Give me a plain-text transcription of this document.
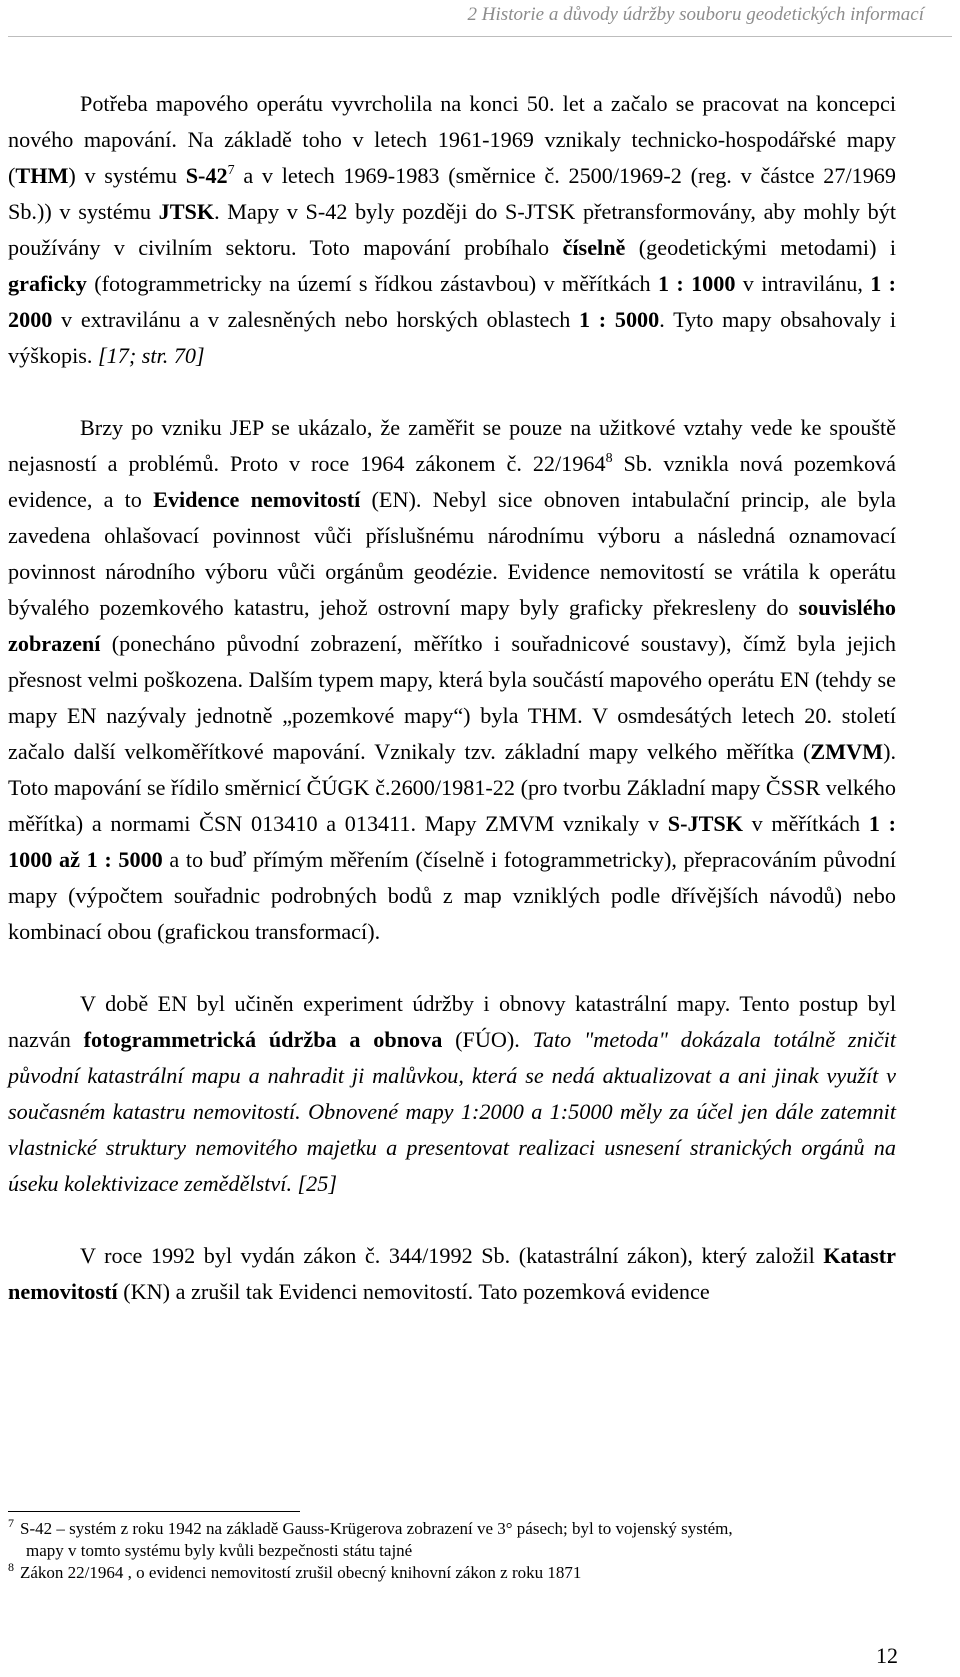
2 Historie a důvody údržby souboru geodetických informací

Potřeba mapového operátu vyvrcholila na konci 50. let a začalo se pracovat na koncepci nového mapování. Na základě toho v letech 1961-1969 vznikaly technicko-hospodářské mapy (THM) v systému $S-42^7$ a v letech 1969-1983 (směrnice č. 2500/1969-2 (reg. v částce 27/1969 Sb.)) v systému JTSK. Mapy v S-42 byly později do S-JTSK přetransformovány, aby mohly být používány v civilním sektoru. Toto mapování probíhalo číselně (geodetickými metodami) i graficky (fotogrammetricky na území s řídkou zástavbou) v měřítkách 1 : 1000 v intravilánu, 1 : 2000 v extravilánu a v zalesněných nebo horských oblastech 1 : 5000. Tyto mapy obsahovaly i výškopis. [17; str. 70]

Brzy po vzniku JEP se ukázalo, že zaměřit se pouze na užitkové vztahy vede ke spouště nejasností a problémů. Proto v roce 1964 zákonem č. 22/1964$^8$ Sb. vznikla nová pozemková evidence, a to Evidence nemovitostí (EN). Nebyl sice obnoven intabulační princip, ale byla zavedena ohlašovací povinnost vůči příslušnému národnímu výboru a následná oznamovací povinnost národního výboru vůči orgánům geodézie. Evidence nemovitostí se vrátila k operátu bývalého pozemkového katastru, jehož ostrovní mapy byly graficky překresleny do souvislého zobrazení (ponecháno původní zobrazení, měřítko i souřadnicové soustavy), čímž byla jejich přesnost velmi poškozena. Dalším typem mapy, která byla součástí mapového operátu EN (tehdy se mapy EN nazývaly jednotně „pozemkové mapy“) byla THM. V osmdesátých letech 20. století začalo další velkoměřítkové mapování. Vznikaly tzv. základní mapy velkého měřítka (ZMVM). Toto mapování se řídilo směrnicí ČÚGK č.2600/1981-22 (pro tvorbu Základní mapy ČSSR velkého měřítka) a normami ČSN 013410 a 013411. Mapy ZMVM vznikaly v S-JTSK v měřítkách 1 : 1000 až 1 : 5000 a to buď přímým měřením (číselně i fotogrammetricky), přepracováním původní mapy (výpočtem souřadnic podrobných bodů z map vzniklých podle dřívějších návodů) nebo kombinací obou (grafickou transformací).

V době EN byl učiněn experiment údržby i obnovy katastrální mapy. Tento postup byl nazván fotogrammetrická údržba a obnova (FÚO). Tato "metoda" dokázala totálně zničit původní katastrální mapu a nahradit ji malůvkou, která se nedá aktualizovat a ani jinak využít v současném katastru nemovitostí. Obnovené mapy 1:2000 a 1:5000 měly za účel jen dále zatemnit vlastnické struktury nemovitého majetku a presentovat realizaci usnesení stranických orgánů na úseku kolektivizace zemědělství. [25]

V roce 1992 byl vydán zákon č. 344/1992 Sb. (katastrální zákon), který založil Katastr nemovitostí (KN) a zrušil tak Evidenci nemovitostí. Tato pozemková evidence

$^7$ S-42 – systém z roku 1942 na základě Gauss-Krügerova zobrazení ve 3° pásech; byl to vojenský systém,
mapy v tomto systému byly kvůli bezpečnosti státu tajné
$^8$ Zákon 22/1964 , o evidenci nemovitostí zrušil obecný knihovní zákon z roku 1871
12
